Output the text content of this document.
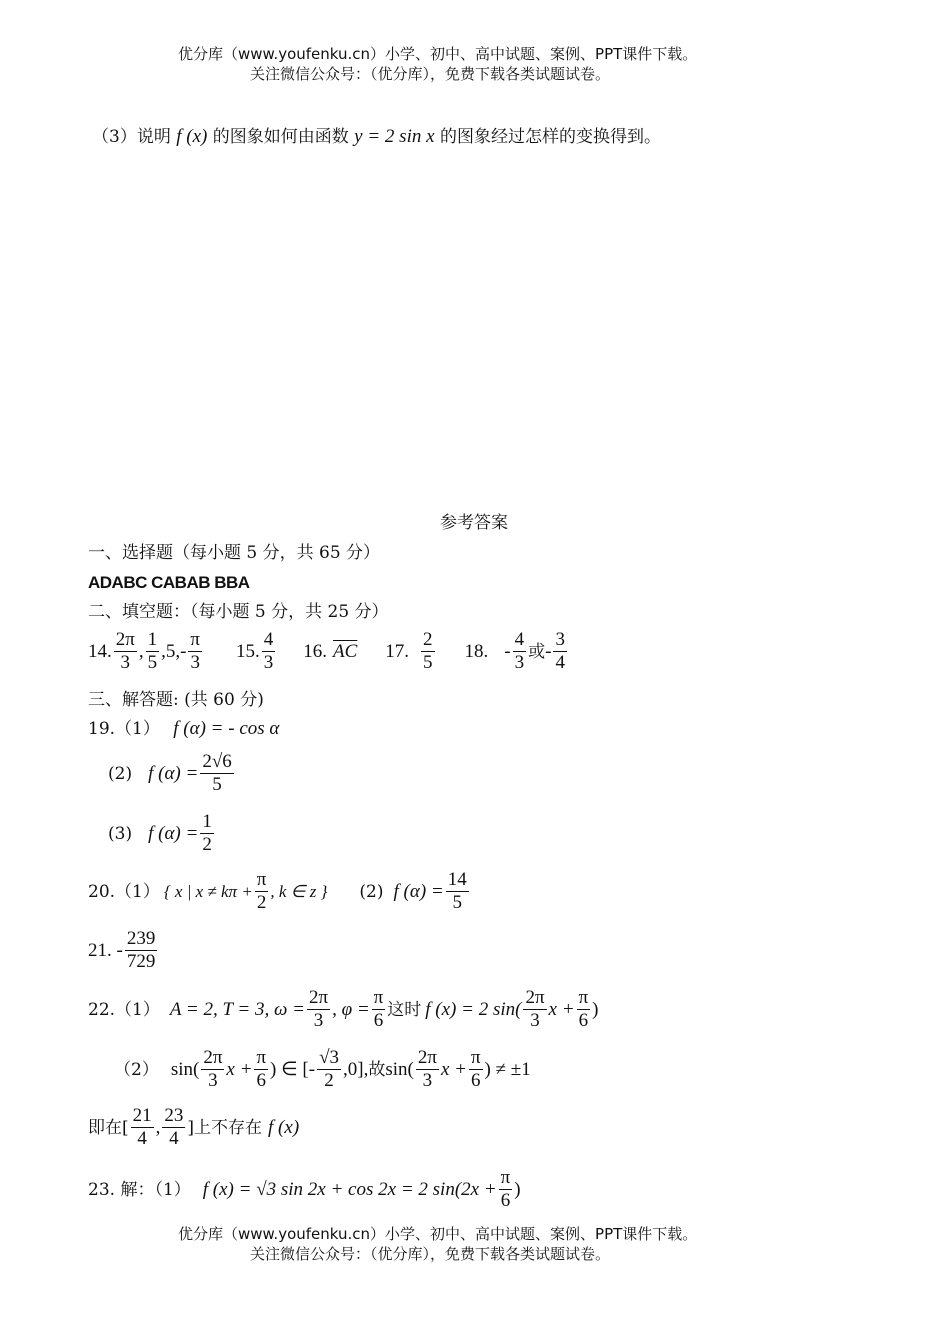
优分库（www.youfenku.cn）小学、初中、高中试题、案例、PPT课件下载。
关注微信公众号：（优分库），免费下载各类试题试卷。
（3）说明 f (x) 的图象如何由函数 y = 2 sin x 的图象经过怎样的变换得到。
参考答案
一、选择题（每小题 5 分，共 65 分）
ADABC CABAB BBA
二、填空题：（每小题 5 分，共 25 分）
14. $\frac{2\pi}{3}$ , $\frac{1}{5} ,5,- \frac{\pi}{3} 15$. $\frac{4}{3} 16$. $\overline{AC}$ 17. $\frac{2}{5} 18$. - $\frac{4}{3}$ 或 - $\frac{3}{4}$
三、解答题: (共 60 分)
19.（1） f (α) = - cos α
(2) f $(\alpha) = \frac{2√6}{5}$
(3) f $(\alpha) = \frac{1}{2}$
20.（1） { x | $x \ne k\pi + \frac{\pi}{2}$ , k ∈ z } (2) f $(\alpha) = \frac{14}{5}$
21. - $\frac{239}{729}$
22.（1） A = 2, T = 3, $\omega = \frac{2\pi}{3}$ , $\varphi = \frac{\pi}{6}$ 这时 f (x) = 2 $\sin( \frac{2\pi}{3}$ $x + \frac{\pi}{6}$ )
（2） $\sin( \frac{2\pi}{3}$ $x + \frac{\pi}{6}$ ) ∈ [- $\frac{√3}{2} ,0$], 故 $\sin( \frac{2\pi}{3}$ $x + \frac{\pi}{6}$ ) ≠ ±1
即在[ $\frac{21}{4}$ , $\frac{23}{4}$ ]上不存在 f (x)
23. 解：（1） f (x) = √3 sin 2x + cos 2x = 2 $\sin(2x + \frac{\pi}{6}$ )
优分库（www.youfenku.cn）小学、初中、高中试题、案例、PPT课件下载。
关注微信公众号：（优分库），免费下载各类试题试卷。
